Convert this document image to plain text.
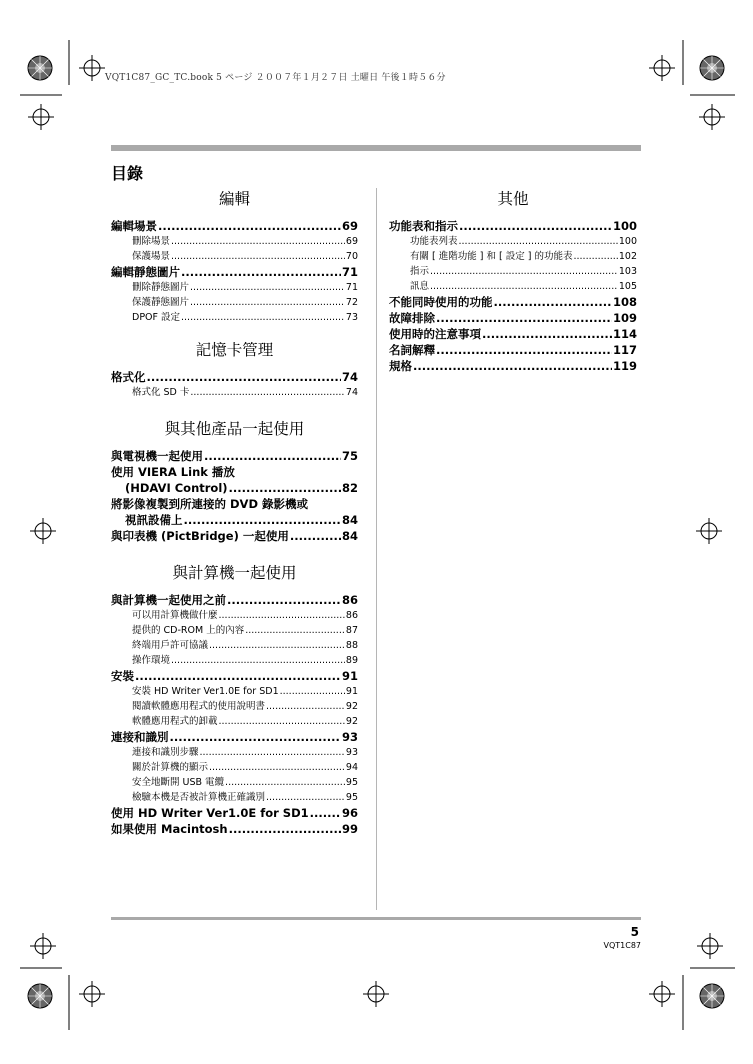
VQT1C87_GC_TC.book 5 ページ ２００７年１月２７日 土曜日 午後１時５６分
目錄
編輯
編輯場景 .....	69
刪除場景 .....	69
保護場景 .....	70
編輯靜態圖片 .....	71
刪除靜態圖片 .....	71
保護靜態圖片 .....	72
DPOF 設定 .....	73
記憶卡管理
格式化 .....	74
格式化 SD 卡 .....	74
與其他產品一起使用
與電視機一起使用 .....	75
使用 VIERA Link 播放
(HDAVI Control) .....	82
將影像複製到所連接的 DVD 錄影機或
視訊設備上 .....	84
與印表機 (PictBridge) 一起使用 .....	84
與計算機一起使用
與計算機一起使用之前 .....	86
可以用計算機做什麼 .....	86
提供的 CD-ROM 上的內容 .....	87
終端用戶許可協議 .....	88
操作環境 .....	89
安裝 .....	91
安裝 HD Writer Ver1.0E for SD1 .....	91
閱讀軟體應用程式的使用說明書 .....	92
軟體應用程式的卸載 .....	92
連接和識別 .....	93
連接和識別步驟 .....	93
關於計算機的顯示 .....	94
安全地斷開 USB 電纜 .....	95
檢驗本機是否被計算機正確識別 .....	95
使用 HD Writer Ver1.0E for SD1 .....	96
如果使用 Macintosh .....	99
其他
功能表和指示 .....	100
功能表列表 .....	100
有關 [ 進階功能 ] 和 [ 設定 ] 的功能表 .....	102
指示 .....	103
訊息 .....	105
不能同時使用的功能 .....	108
故障排除 .....	109
使用時的注意事項 .....	114
名詞解釋 .....	117
規格 .....	119
5
VQT1C87
